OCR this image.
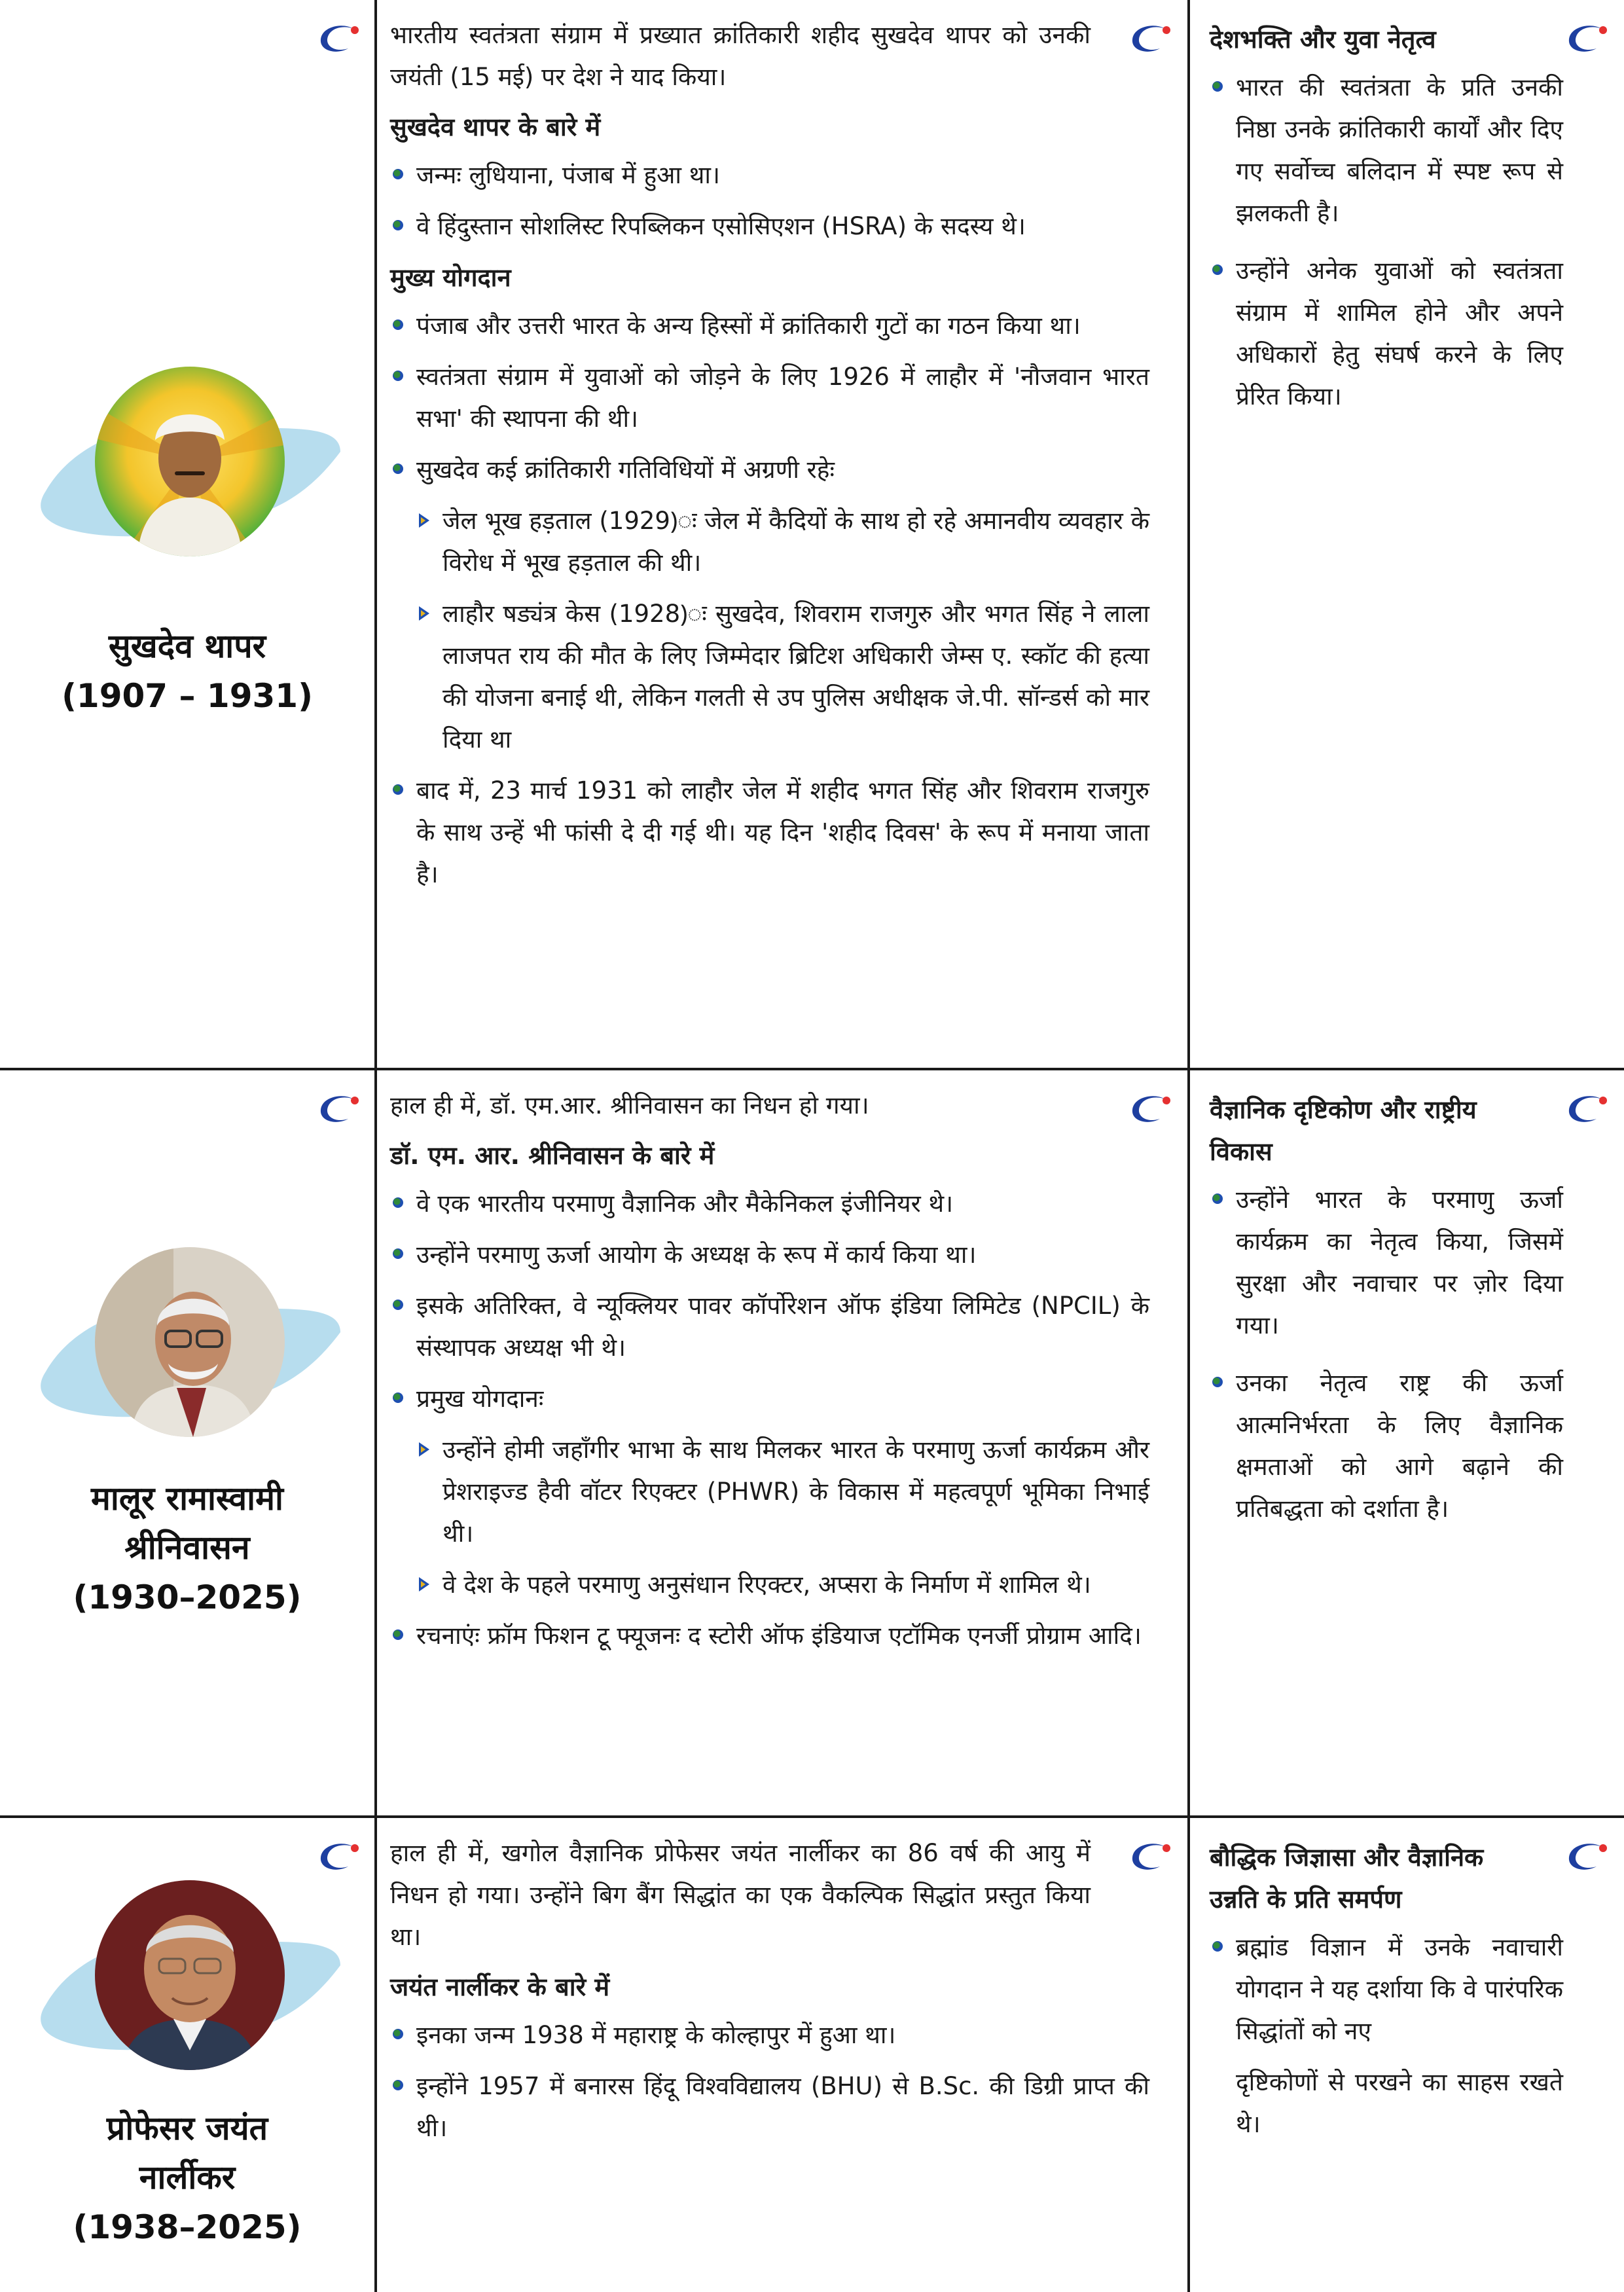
सुखदेव थापर
(1907 – 1931)

भारतीय स्वतंत्रता संग्राम में प्रख्यात क्रांतिकारी शहीद सुखदेव थापर को उनकी जयंती (15 मई) पर देश ने याद किया।

सुखदेव थापर के बारे में
जन्मः लुधियाना, पंजाब में हुआ था।
वे हिंदुस्तान सोशलिस्ट रिपब्लिकन एसोसिएशन (HSRA) के सदस्य थे।
मुख्य योगदान
पंजाब और उत्तरी भारत के अन्य हिस्सों में क्रांतिकारी गुटों का गठन किया था।
स्वतंत्रता संग्राम में युवाओं को जोड़ने के लिए 1926 में लाहौर में 'नौजवान भारत सभा' की स्थापना की थी।
सुखदेव कई क्रांतिकारी गतिविधियों में अग्रणी रहेः
जेल भूख हड़ताल (1929)ः जेल में कैदियों के साथ हो रहे अमानवीय व्यवहार के विरोध में भूख हड़ताल की थी।
लाहौर षड्यंत्र केस (1928)ः सुखदेव, शिवराम राजगुरु और भगत सिंह ने लाला लाजपत राय की मौत के लिए जिम्मेदार ब्रिटिश अधिकारी जेम्स ए. स्कॉट की हत्या की योजना बनाई थी, लेकिन गलती से उप पुलिस अधीक्षक जे.पी. सॉन्डर्स को मार दिया था
बाद में, 23 मार्च 1931 को लाहौर जेल में शहीद भगत सिंह और शिवराम राजगुरु के साथ उन्हें भी फांसी दे दी गई थी। यह दिन 'शहीद दिवस' के रूप में मनाया जाता है।
देशभक्ति और युवा नेतृत्व
भारत की स्वतंत्रता के प्रति उनकी निष्ठा उनके क्रांतिकारी कार्यों और दिए गए सर्वोच्च बलिदान में स्पष्ट रूप से झलकती है।
उन्होंने अनेक युवाओं को स्वतंत्रता संग्राम में शामिल होने और अपने अधिकारों हेतु संघर्ष करने के लिए प्रेरित किया।
मालूर रामास्वामी
श्रीनिवासन
(1930–2025)

हाल ही में, डॉ. एम.आर. श्रीनिवासन का निधन हो गया।

डॉ. एम. आर. श्रीनिवासन के बारे में
वे एक भारतीय परमाणु वैज्ञानिक और मैकेनिकल इंजीनियर थे।
उन्होंने परमाणु ऊर्जा आयोग के अध्यक्ष के रूप में कार्य किया था।
इसके अतिरिक्त, वे न्यूक्लियर पावर कॉर्पोरेशन ऑफ इंडिया लिमिटेड (NPCIL) के संस्थापक अध्यक्ष भी थे।
प्रमुख योगदानः
उन्होंने होमी जहाँगीर भाभा के साथ मिलकर भारत के परमाणु ऊर्जा कार्यक्रम और प्रेशराइज्ड हैवी वॉटर रिएक्टर (PHWR) के विकास में महत्वपूर्ण भूमिका निभाई थी।
वे देश के पहले परमाणु अनुसंधान रिएक्टर, अप्सरा के निर्माण में शामिल थे।
रचनाएंः फ्रॉम फिशन टू फ्यूजनः द स्टोरी ऑफ इंडियाज एटॉमिक एनर्जी प्रोग्राम आदि।
वैज्ञानिक दृष्टिकोण और राष्ट्रीय विकास
उन्होंने भारत के परमाणु ऊर्जा कार्यक्रम का नेतृत्व किया, जिसमें सुरक्षा और नवाचार पर ज़ोर दिया गया।
उनका नेतृत्व राष्ट्र की ऊर्जा आत्मनिर्भरता के लिए वैज्ञानिक क्षमताओं को आगे बढ़ाने की प्रतिबद्धता को दर्शाता है।
प्रोफेसर जयंत
नार्लीकर
(1938–2025)

हाल ही में, खगोल वैज्ञानिक प्रोफेसर जयंत नार्लीकर का 86 वर्ष की आयु में निधन हो गया। उन्होंने बिग बैंग सिद्धांत का एक वैकल्पिक सिद्धांत प्रस्तुत किया था।

जयंत नार्लीकर के बारे में
इनका जन्म 1938 में महाराष्ट्र के कोल्हापुर में हुआ था।
इन्होंने 1957 में बनारस हिंदू विश्वविद्यालय (BHU) से B.Sc. की डिग्री प्राप्त की थी।
बौद्धिक जिज्ञासा और वैज्ञानिक उन्नति के प्रति समर्पण
ब्रह्मांड विज्ञान में उनके नवाचारी योगदान ने यह दर्शाया कि वे पारंपरिक सिद्धांतों को नए

दृष्टिकोणों से परखने का साहस रखते थे।
